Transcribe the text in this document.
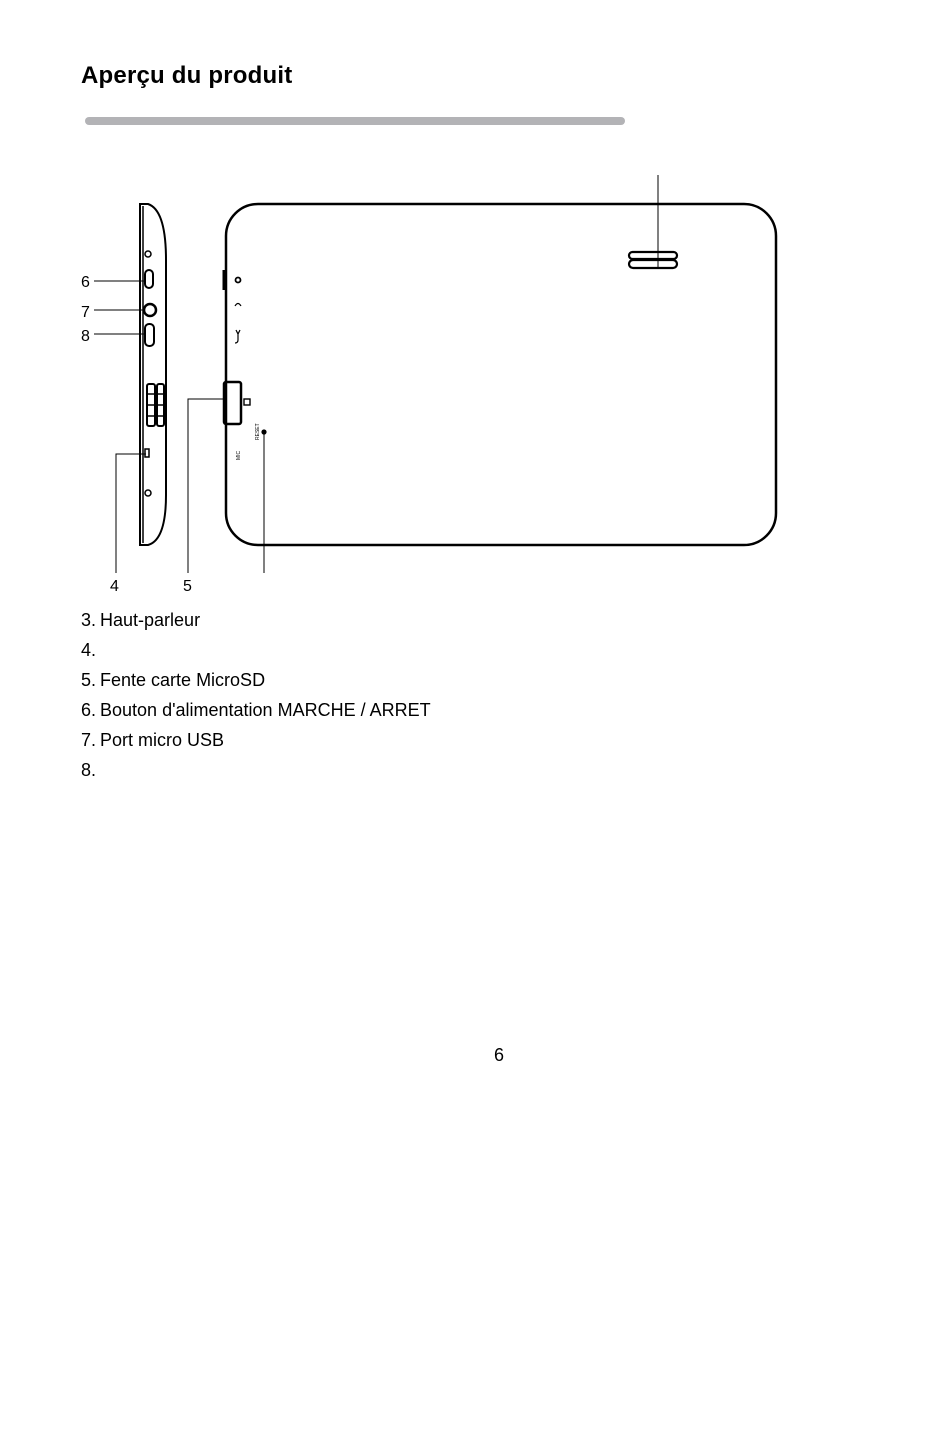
Aperçu du produit
RESET
MIC
6
7
8
4	5
3. Haut-parleur
4.
5. Fente carte MicroSD
6. Bouton d'alimentation MARCHE / ARRET
7. Port micro USB
8.
6
